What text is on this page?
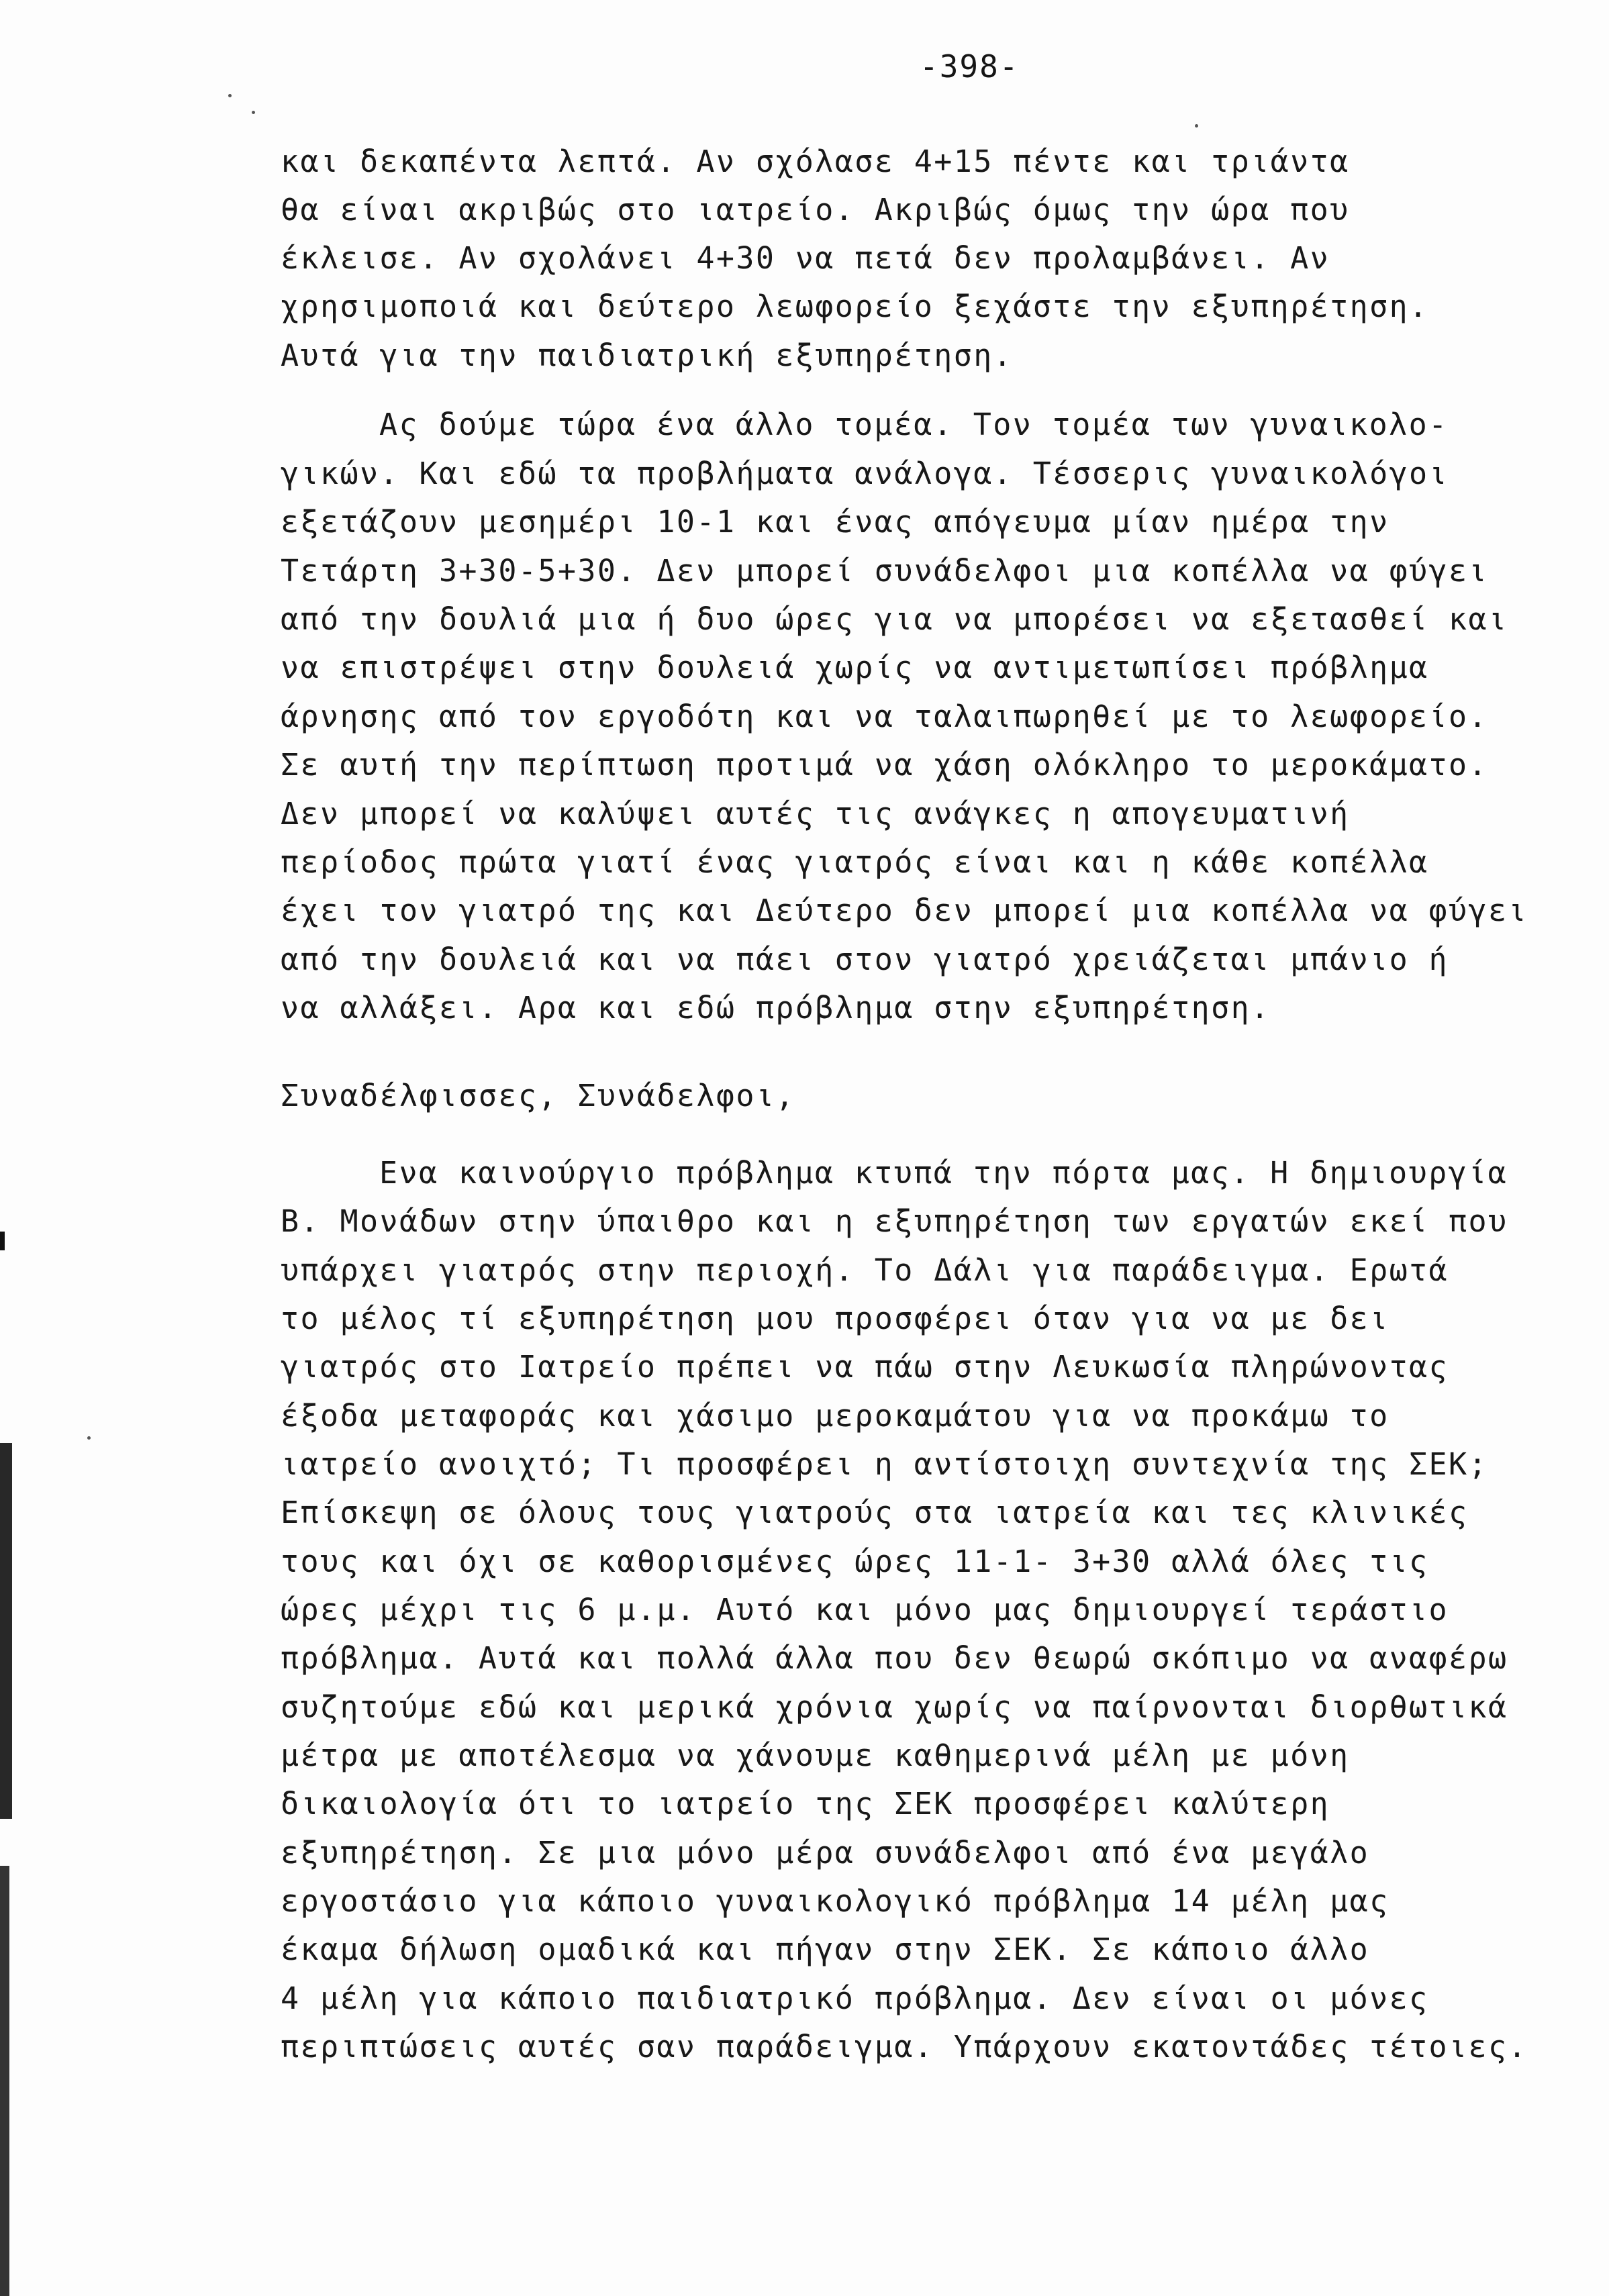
-398-
και δεκαπέντα λεπτά. Αν σχόλασε 4+15 πέντε και τριάντα
θα είναι ακριβώς στο ιατρείο. Ακριβώς όμως την ώρα που
έκλεισε. Αν σχολάνει 4+30 να πετά δεν προλαμβάνει. Αν
χρησιμοποιά και δεύτερο λεωφορείο ξεχάστε την εξυπηρέτηση.
Αυτά για την παιδιατρική εξυπηρέτηση.
Ας δούμε τώρα ένα άλλο τομέα. Τον τομέα των γυναικολο-
γικών. Και εδώ τα προβλήματα ανάλογα. Τέσσερις γυναικολόγοι
εξετάζουν μεσημέρι 10-1 και ένας απόγευμα μίαν ημέρα την
Τετάρτη 3+30-5+30. Δεν μπορεί συνάδελφοι μια κοπέλλα να φύγει
από την δουλιά μια ή δυο ώρες για να μπορέσει να εξετασθεί και
να επιστρέψει στην δουλειά χωρίς να αντιμετωπίσει πρόβλημα
άρνησης από τον εργοδότη και να ταλαιπωρηθεί με το λεωφορείο.
Σε αυτή την περίπτωση προτιμά να χάση ολόκληρο το μεροκάματο.
Δεν μπορεί να καλύψει αυτές τις ανάγκες η απογευματινή
περίοδος πρώτα γιατί ένας γιατρός είναι και η κάθε κοπέλλα
έχει τον γιατρό της και Δεύτερο δεν μπορεί μια κοπέλλα να φύγει
από την δουλειά και να πάει στον γιατρό χρειάζεται μπάνιο ή
να αλλάξει. Αρα και εδώ πρόβλημα στην εξυπηρέτηση.
Συναδέλφισσες, Συνάδελφοι,
Ενα καινούργιο πρόβλημα κτυπά την πόρτα μας. Η δημιουργία
Β. Μονάδων στην ύπαιθρο και η εξυπηρέτηση των εργατών εκεί που
υπάρχει γιατρός στην περιοχή. Το Δάλι για παράδειγμα. Ερωτά
το μέλος τί εξυπηρέτηση μου προσφέρει όταν για να με δει
γιατρός στο Ιατρείο πρέπει να πάω στην Λευκωσία πληρώνοντας
έξοδα μεταφοράς και χάσιμο μεροκαμάτου για να προκάμω το
ιατρείο ανοιχτό; Τι προσφέρει η αντίστοιχη συντεχνία της ΣΕΚ;
Επίσκεψη σε όλους τους γιατρούς στα ιατρεία και τες κλινικές
τους και όχι σε καθορισμένες ώρες 11-1- 3+30 αλλά όλες τις
ώρες μέχρι τις 6 μ.μ. Αυτό και μόνο μας δημιουργεί τεράστιο
πρόβλημα. Αυτά και πολλά άλλα που δεν θεωρώ σκόπιμο να αναφέρω
συζητούμε εδώ και μερικά χρόνια χωρίς να παίρνονται διορθωτικά
μέτρα με αποτέλεσμα να χάνουμε καθημερινά μέλη με μόνη
δικαιολογία ότι το ιατρείο της ΣΕΚ προσφέρει καλύτερη
εξυπηρέτηση. Σε μια μόνο μέρα συνάδελφοι από ένα μεγάλο
εργοστάσιο για κάποιο γυναικολογικό πρόβλημα 14 μέλη μας
έκαμα δήλωση ομαδικά και πήγαν στην ΣΕΚ. Σε κάποιο άλλο
4 μέλη για κάποιο παιδιατρικό πρόβλημα. Δεν είναι οι μόνες
περιπτώσεις αυτές σαν παράδειγμα. Υπάρχουν εκατοντάδες τέτοιες.
